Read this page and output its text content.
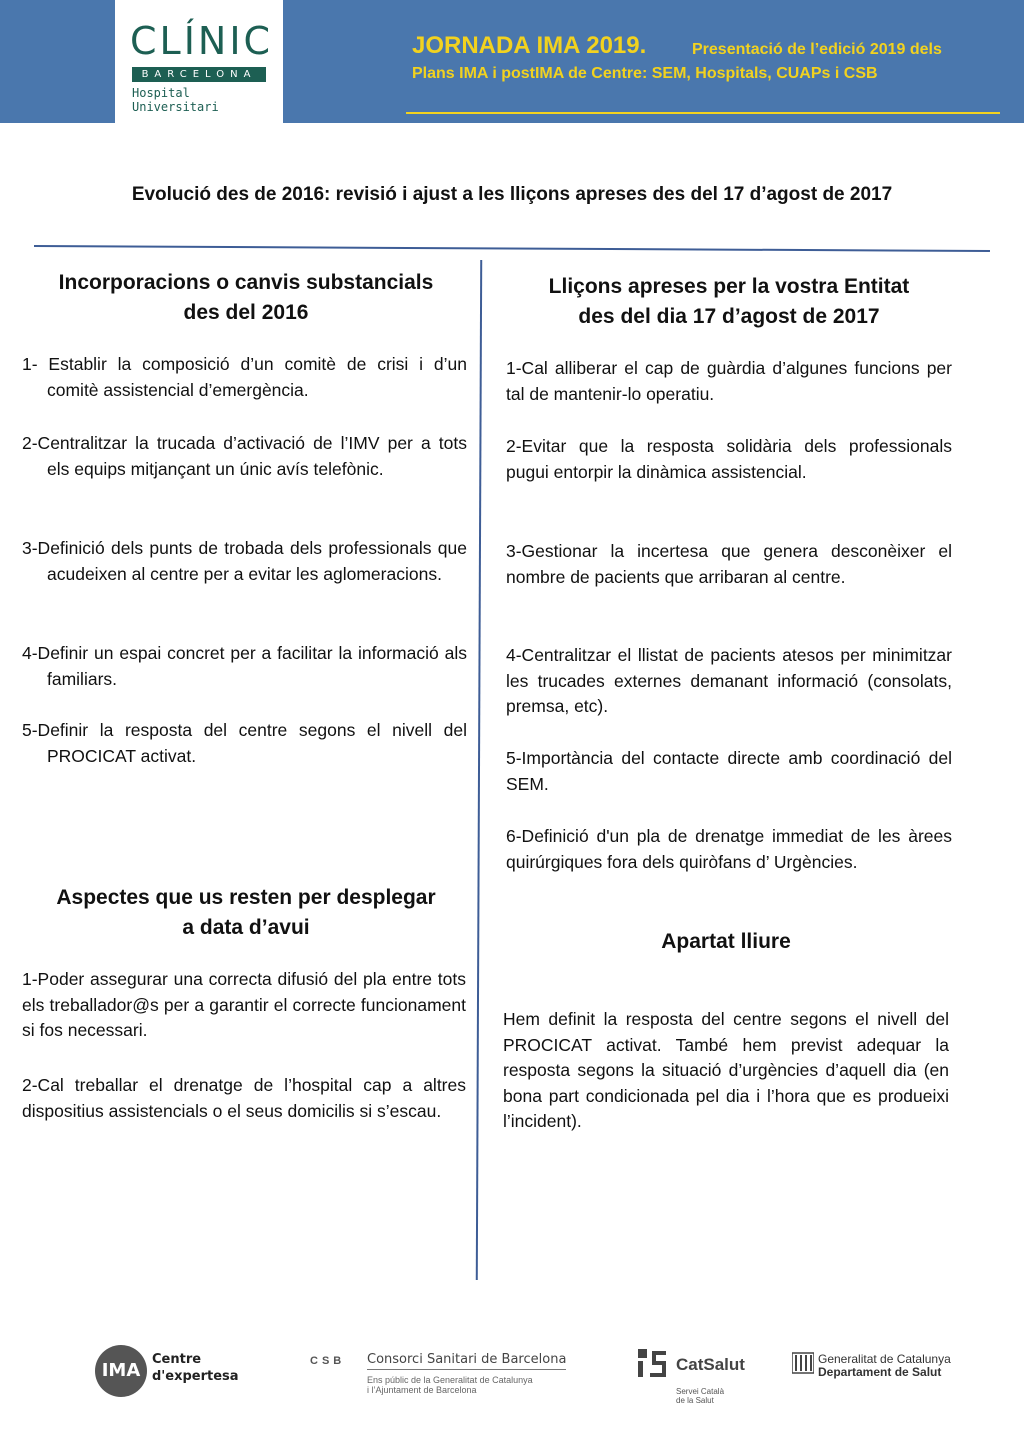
CLÍNIC
BARCELONA
Hospital Universitari
JORNADA IMA 2019.	Presentació de l’edició 2019 dels
Plans IMA i postIMA de Centre: SEM, Hospitals, CUAPs i CSB
Evolució des de 2016: revisió i ajust a les lliçons apreses des del 17 d’agost de 2017
Incorporacions o canvis substancials
des del 2016
1- Establir la composició d’un comitè de crisi i d’un comitè assistencial d’emergència.
2-Centralitzar la trucada d’activació de l’IMV per a tots els equips mitjançant un únic avís telefònic.
3-Definició dels punts de trobada dels professionals que acudeixen al centre per a evitar les aglomeracions.
4-Definir un espai concret per a facilitar la informació als familiars.
5-Definir la resposta del centre segons el nivell del PROCICAT activat.
Aspectes que us resten per desplegar
a data d’avui
1-Poder assegurar una correcta difusió del pla entre tots els treballador@s per a garantir el correcte funcionament si fos necessari.
2-Cal treballar el drenatge de l’hospital cap a altres dispositius assistencials o el seus domicilis si s’escau.
Lliçons apreses per la vostra Entitat
des del dia 17 d’agost de 2017
1-Cal alliberar el cap de guàrdia d’algunes funcions per tal de mantenir-lo operatiu.
2-Evitar que la resposta solidària dels professionals pugui entorpir la dinàmica assistencial.
3-Gestionar la incertesa que genera desconèixer el nombre de pacients que arribaran al centre.
4-Centralitzar el llistat de pacients atesos per minimitzar les trucades externes demanant informació (consolats, premsa, etc).
5-Importància del contacte directe amb coordinació del SEM.
6-Definició d'un pla de drenatge immediat de les àrees quirúrgiques fora dels quiròfans d’ Urgències.
Apartat lliure
Hem definit la resposta del centre segons el nivell del PROCICAT activat. També hem previst adequar la resposta segons la situació d’urgències d’aquell dia (en bona part condicionada pel dia i l’hora que es produeixi l’incident).
IMA
Centre
d'expertesa
CSB Consorci Sanitari de Barcelona
Ens públic de la Generalitat de Catalunya
i l’Ajuntament de Barcelona
CatSalut
Servei Català
de la Salut
Generalitat de Catalunya
Departament de Salut
